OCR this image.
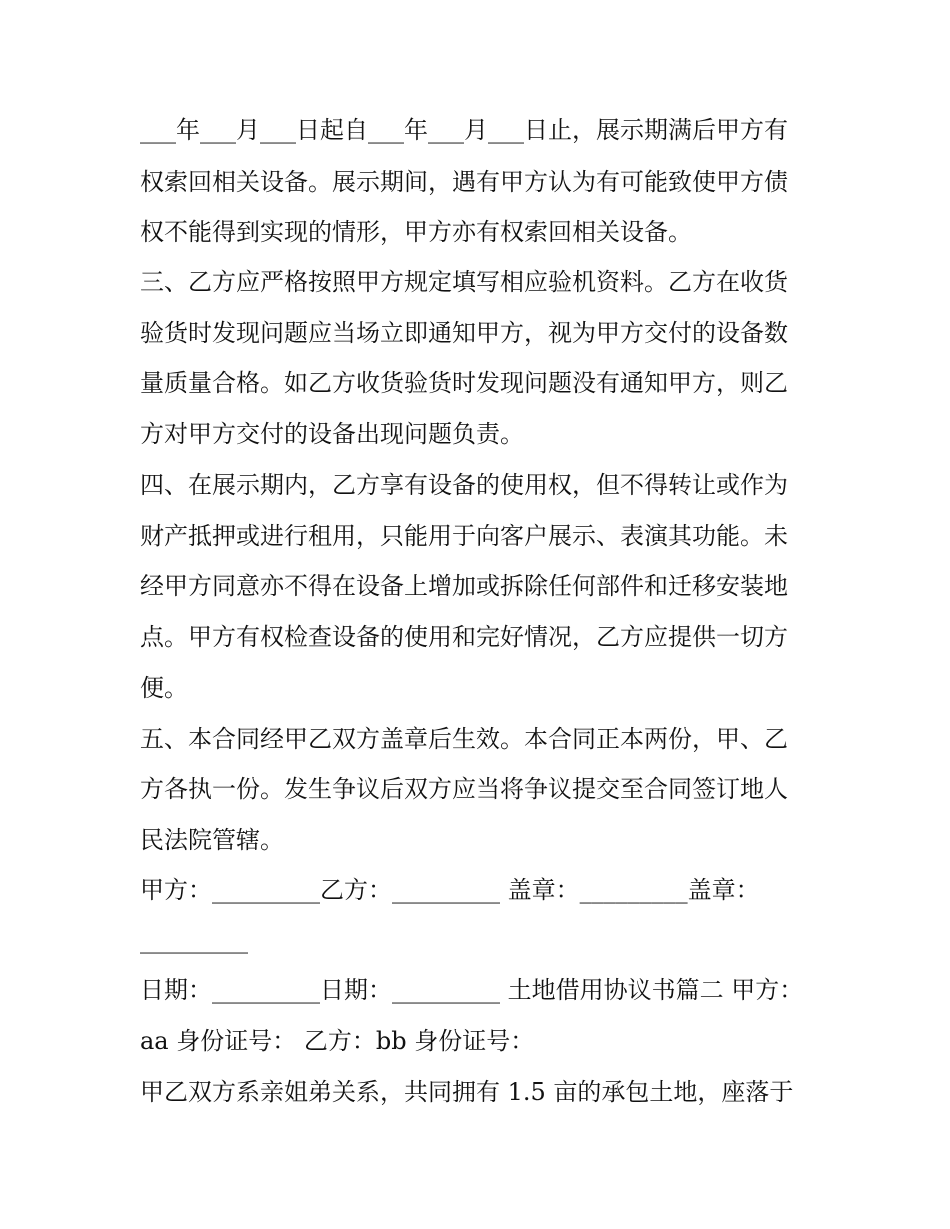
___年___月___日起自___年___月___日止，展示期满后甲方有
权索回相关设备。展示期间，遇有甲方认为有可能致使甲方债
权不能得到实现的情形，甲方亦有权索回相关设备。
三、乙方应严格按照甲方规定填写相应验机资料。乙方在收货
验货时发现问题应当场立即通知甲方，视为甲方交付的设备数
量质量合格。如乙方收货验货时发现问题没有通知甲方，则乙
方对甲方交付的设备出现问题负责。
四、在展示期内，乙方享有设备的使用权，但不得转让或作为
财产抵押或进行租用，只能用于向客户展示、表演其功能。未
经甲方同意亦不得在设备上增加或拆除任何部件和迁移安装地
点。甲方有权检查设备的使用和完好情况，乙方应提供一切方
便。
五、本合同经甲乙双方盖章后生效。本合同正本两份，甲、乙
方各执一份。发生争议后双方应当将争议提交至合同签订地人
民法院管辖。
甲方：_________乙方：_________ 盖章：_________盖章：
_________
日期：_________日期：_________ 土地借用协议书篇二 甲方：
aa 身份证号： 乙方：bb 身份证号：
甲乙双方系亲姐弟关系，共同拥有 1.5 亩的承包土地，座落于
